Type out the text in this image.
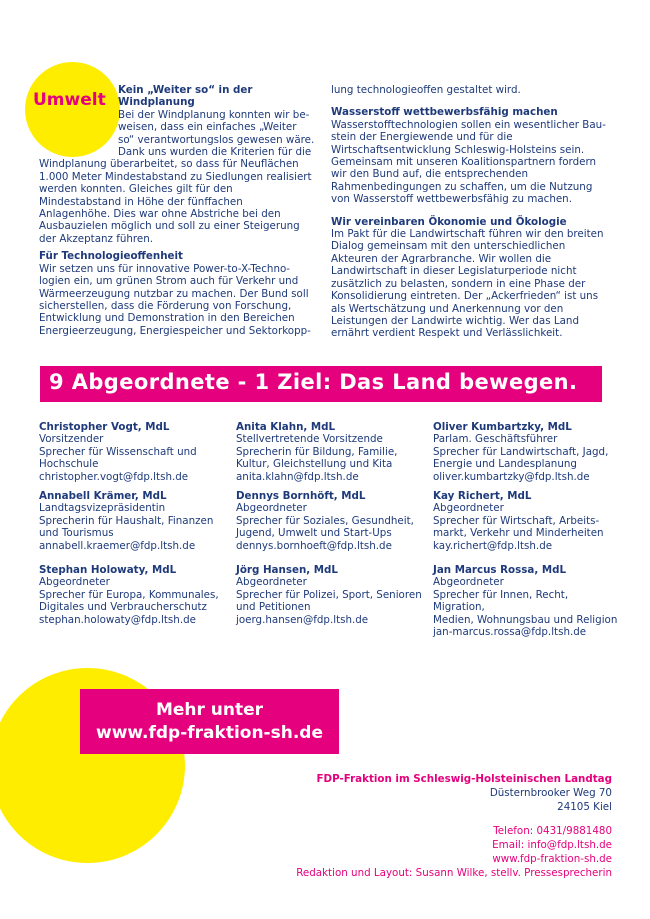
Umwelt Kein „Weiter so“ in der Windplanung
Bei der Windplanung konnten wir beweisen, dass ein einfaches „Weiter so“ verantwortungslos gewesen wäre. Dank uns wurden die Kriterien für die

Windplanung überarbeitet, so dass für Neuflächen 1.000 Meter Mindestabstand zu Siedlungen realisiert werden konnten. Gleiches gilt für den Mindestabstand in Höhe der fünffachen Anlagenhöhe. Dies war ohne Abstriche bei den Ausbauzielen möglich und soll zu einer Steigerung der Akzeptanz führen.

Für Technologieoffenheit

Wir setzen uns für innovative Power-to-X-Technologien ein, um grünen Strom auch für Verkehr und Wärmeerzeugung nutzbar zu machen. Der Bund soll sicherstellen, dass die Förderung von Forschung, Entwicklung und Demonstration in den Bereichen Energieerzeugung, Energiespeicher und Sektorkopp-

lung technologieoffen gestaltet wird.

Wasserstoff wettbewerbsfähig machen

Wasserstofftechnologien sollen ein wesentlicher Baustein der Energiewende und für die Wirtschaftsentwicklung Schleswig-Holsteins sein. Gemeinsam mit unseren Koalitionspartnern fordern wir den Bund auf, die entsprechenden Rahmenbedingungen zu schaffen, um die Nutzung von Wasserstoff wettbewerbsfähig zu machen.

Wir vereinbaren Ökonomie und Ökologie

Im Pakt für die Landwirtschaft führen wir den breiten Dialog gemeinsam mit den unterschiedlichen Akteuren der Agrarbranche. Wir wollen die Landwirtschaft in dieser Legislaturperiode nicht zusätzlich zu belasten, sondern in eine Phase der Konsolidierung eintreten. Der „Ackerfrieden“ ist uns als Wertschätzung und Anerkennung vor den Leistungen der Landwirte wichtig. Wer das Land ernährt verdient Respekt und Verlässlichkeit.

9 Abgeordnete - 1 Ziel: Das Land bewegen.
Christopher Vogt, MdL
Vorsitzender
Sprecher für Wissenschaft und
Hochschule
christopher.vogt@fdp.ltsh.de
Anita Klahn, MdL
Stellvertretende Vorsitzende
Sprecherin für Bildung, Familie,
Kultur, Gleichstellung und Kita
anita.klahn@fdp.ltsh.de
Oliver Kumbartzky, MdL
Parlam. Geschäftsführer
Sprecher für Landwirtschaft, Jagd,
Energie und Landesplanung
oliver.kumbartzky@fdp.ltsh.de
Annabell Krämer, MdL
Landtagsvizepräsidentin
Sprecherin für Haushalt, Finanzen
und Tourismus
annabell.kraemer@fdp.ltsh.de
Dennys Bornhöft, MdL
Abgeordneter
Sprecher für Soziales, Gesundheit,
Jugend, Umwelt und Start-Ups
dennys.bornhoeft@fdp.ltsh.de
Kay Richert, MdL
Abgeordneter
Sprecher für Wirtschaft, Arbeits-
markt, Verkehr und Minderheiten
kay.richert@fdp.ltsh.de
Stephan Holowaty, MdL
Abgeordneter
Sprecher für Europa, Kommunales,
Digitales und Verbraucherschutz
stephan.holowaty@fdp.ltsh.de
Jörg Hansen, MdL
Abgeordneter
Sprecher für Polizei, Sport, Senioren
und Petitionen
joerg.hansen@fdp.ltsh.de
Jan Marcus Rossa, MdL
Abgeordneter
Sprecher für Innen, Recht, Migration,
Medien, Wohnungsbau und Religion
jan-marcus.rossa@fdp.ltsh.de
Mehr unter
www.fdp-fraktion-sh.de
FDP-Fraktion im Schleswig-Holsteinischen Landtag
Düsternbrooker Weg 70
24105 Kiel
Telefon: 0431/9881480
Email: info@fdp.ltsh.de
www.fdp-fraktion-sh.de
Redaktion und Layout: Susann Wilke, stellv. Pressesprecherin
